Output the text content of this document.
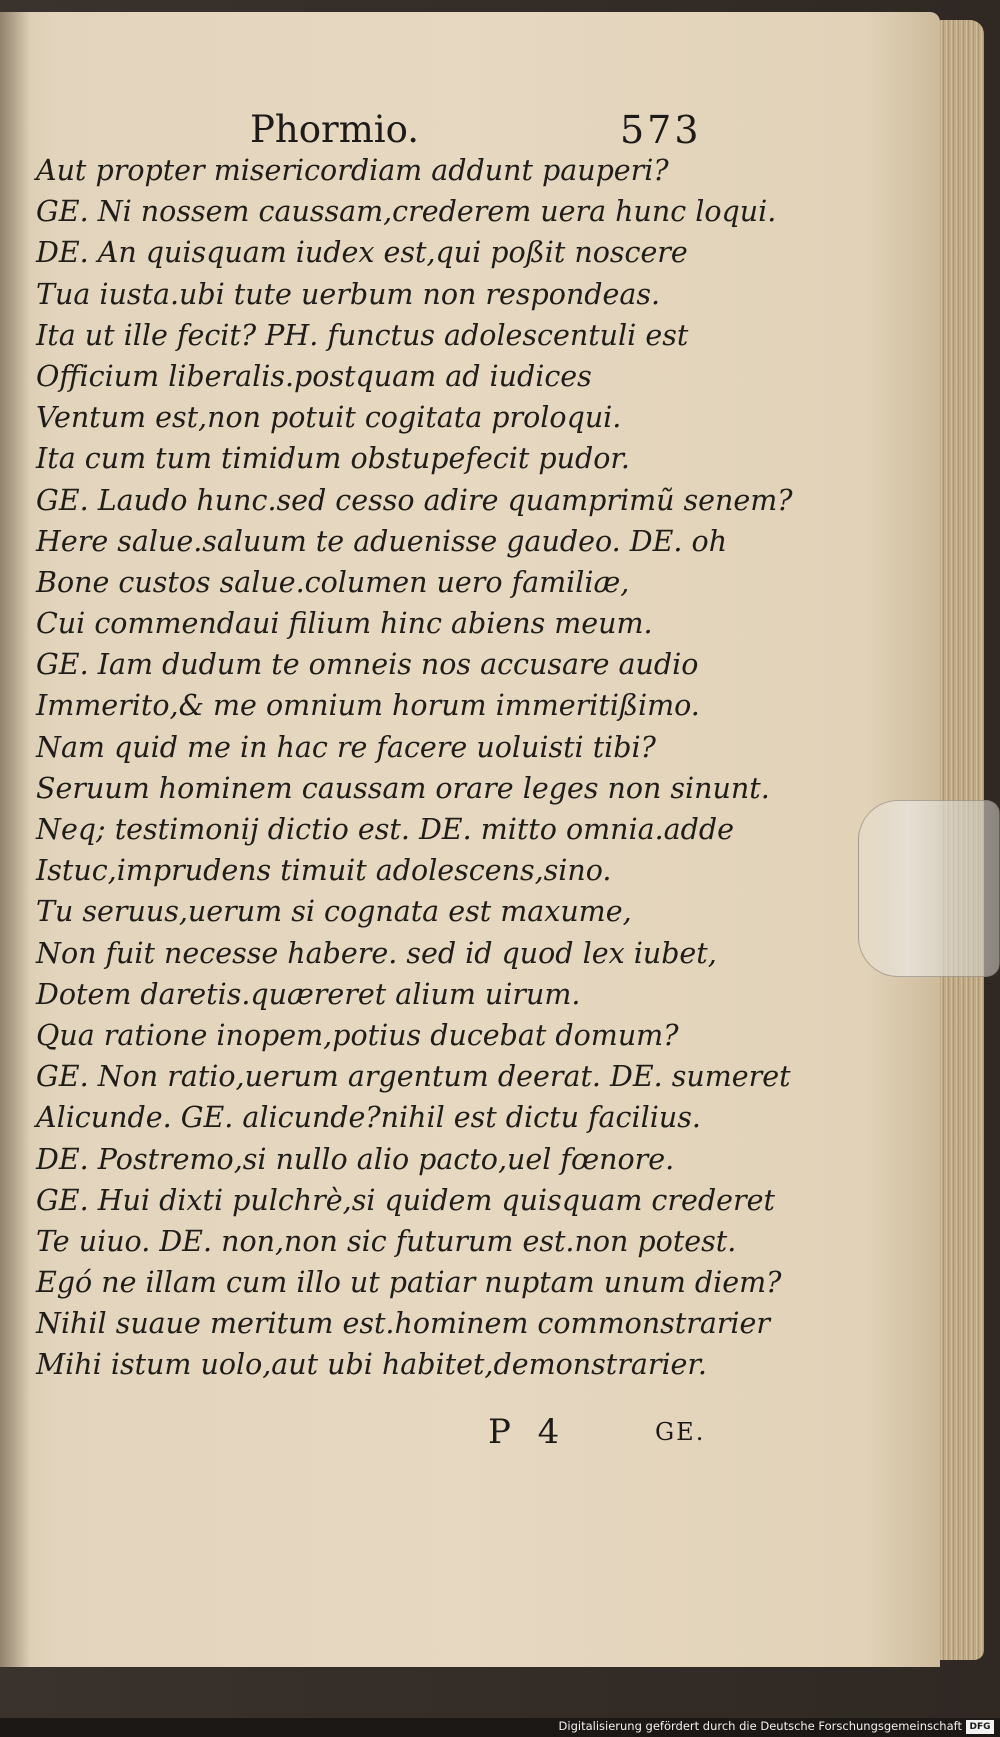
Phormio.	573
Aut propter misericordiam addunt pauperi?
GE. Ni nossem caussam,crederem uera hunc loqui.
DE. An quisquam iudex est,qui poßit noscere
Tua iusta.ubi tute uerbum non respondeas.
Ita ut ille fecit? PH. functus adolescentuli est
Officium liberalis.postquam ad iudices
Ventum est,non potuit cogitata proloqui.
Ita cum tum timidum obstupefecit pudor.
GE. Laudo hunc.sed cesso adire quamprimũ senem?
Here salue.saluum te aduenisse gaudeo. DE. oh
Bone custos salue.columen uero familiæ,
Cui commendaui filium hinc abiens meum.
GE. Iam dudum te omneis nos accusare audio
Immerito,& me omnium horum immeritißimo.
Nam quid me in hac re facere uoluisti tibi?
Seruum hominem caussam orare leges non sinunt.
Neq; testimonij dictio est. DE. mitto omnia.adde
Istuc,imprudens timuit adolescens,sino.
Tu seruus,uerum si cognata est maxume,
Non fuit necesse habere. sed id quod lex iubet,
Dotem daretis.quæreret alium uirum.
Qua ratione inopem,potius ducebat domum?
GE. Non ratio,uerum argentum deerat. DE. sumeret
Alicunde. GE. alicunde?nihil est dictu facilius.
DE. Postremo,si nullo alio pacto,uel fœnore.
GE. Hui dixti pulchrè,si quidem quisquam crederet
Te uiuo. DE. non,non sic futurum est.non potest.
Egó ne illam cum illo ut patiar nuptam unum diem?
Nihil suaue meritum est.hominem commonstrarier
Mihi istum uolo,aut ubi habitet,demonstrarier.
P 4	GE.
Digitalisierung gefördert durch die Deutsche Forschungsgemeinschaft DFG
